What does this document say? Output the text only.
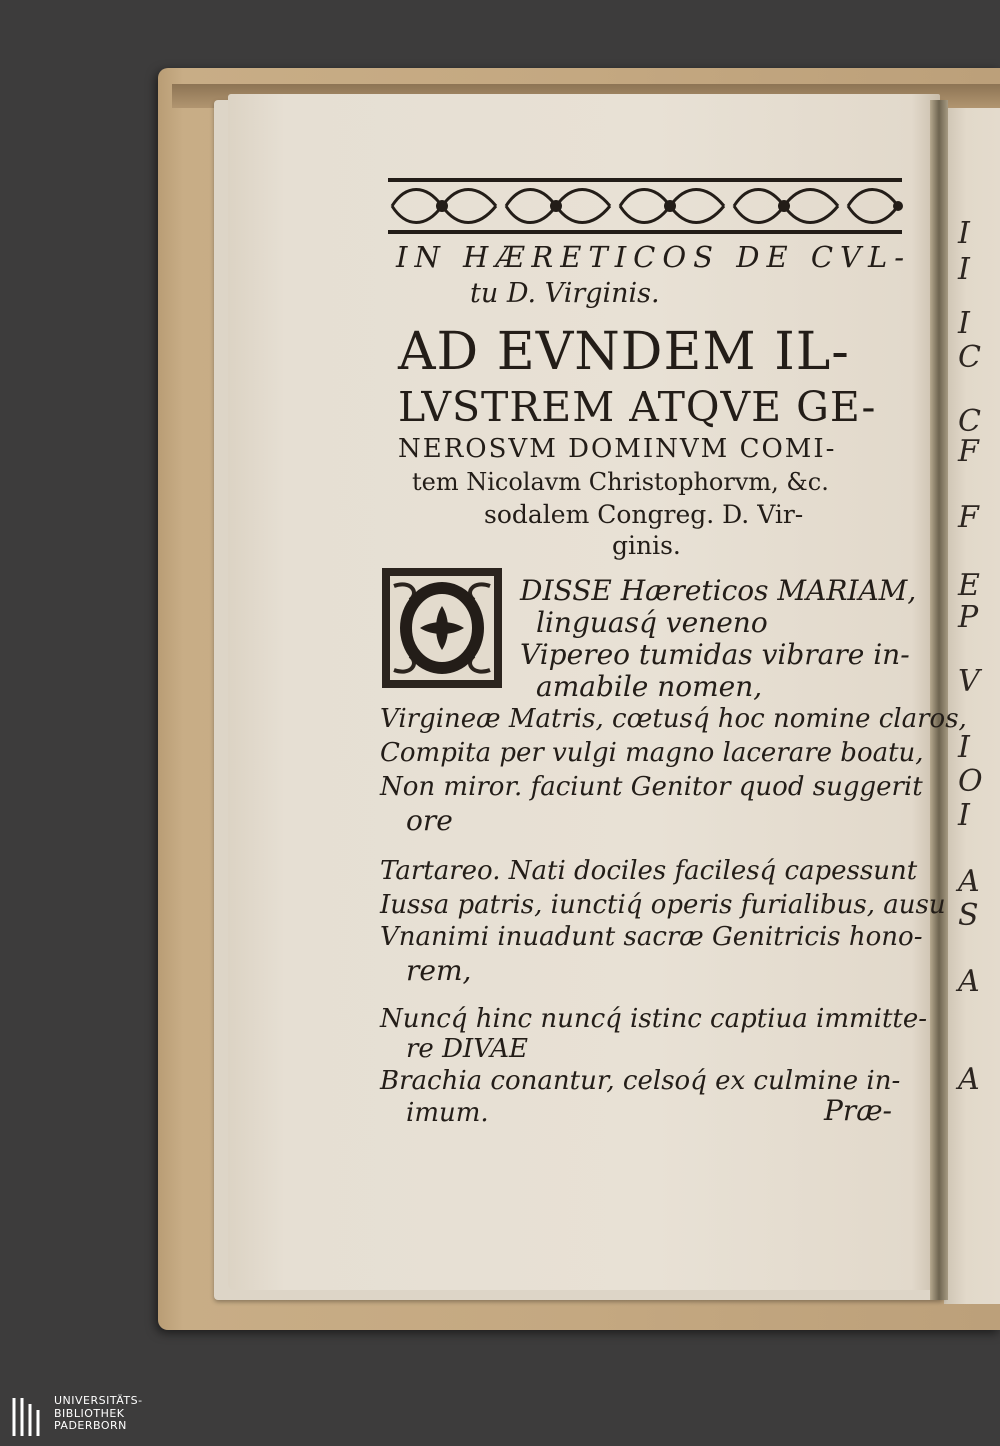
I
I
I
C
C
F
F
E
P
V
I
O
I
A
S
A
A
IN HÆRETICOS DE CVL-
tu D. Virginis.
AD EVNDEM IL-
LVSTREM ATQVE GE-
NEROSVM DOMINVM COMI-
tem Nicolavm Christophorvm, &c.
sodalem Congreg. D. Vir-
ginis.
O
DISSE Hæreticos MARIAM,
linguasq́ veneno
Vipereo tumidas vibrare in-
amabile nomen,
Virgineæ Matris, cœtusq́ hoc nomine claros,
Compita per vulgi magno lacerare boatu,
Non miror. faciunt Genitor quod suggerit
ore
Tartareo. Nati dociles facilesq́ capessunt
Iussa patris, iunctiq́ operis furialibus, ausu
Vnanimi inuadunt sacræ Genitricis hono-
rem,
Nuncq́ hinc nuncq́ istinc captiua immitte-
re DIVAE
Brachia conantur, celsoq́ ex culmine in-
imum.	Præ-
UNIVERSITÄTS-
BIBLIOTHEK
PADERBORN
